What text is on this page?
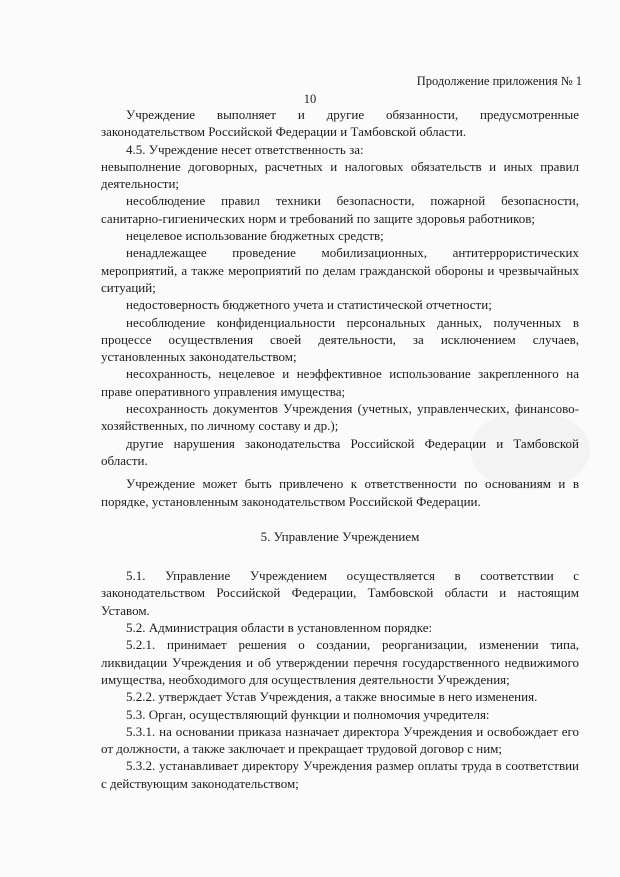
Продолжение приложения № 1
10

Учреждение выполняет и другие обязанности, предусмотренные законодательством Российской Федерации и Тамбовской области.

4.5. Учреждение несет ответственность за:

невыполнение договорных, расчетных и налоговых обязательств и иных правил деятельности;

несоблюдение правил техники безопасности, пожарной безопасности, санитарно-гигиенических норм и требований по защите здоровья работников;

нецелевое использование бюджетных средств;

ненадлежащее проведение мобилизационных, антитеррористических мероприятий, а также мероприятий по делам гражданской обороны и чрезвычайных ситуаций;

недостоверность бюджетного учета и статистической отчетности;

несоблюдение конфиденциальности персональных данных, полученных в процессе осуществления своей деятельности, за исключением случаев, установленных законодательством;

несохранность, нецелевое и неэффективное использование закрепленного на праве оперативного управления имущества;

несохранность документов Учреждения (учетных, управленческих, финансово-хозяйственных, по личному составу и др.);

другие нарушения законодательства Российской Федерации и Тамбовской области.

Учреждение может быть привлечено к ответственности по основаниям и в порядке, установленным законодательством Российской Федерации.

5. Управление Учреждением

5.1. Управление Учреждением осуществляется в соответствии с законодательством Российской Федерации, Тамбовской области и настоящим Уставом.

5.2. Администрация области в установленном порядке:

5.2.1. принимает решения о создании, реорганизации, изменении типа, ликвидации Учреждения и об утверждении перечня государственного недвижимого имущества, необходимого для осуществления деятельности Учреждения;

5.2.2. утверждает Устав Учреждения, а также вносимые в него изменения.

5.3. Орган, осуществляющий функции и полномочия учредителя:

5.3.1. на основании приказа назначает директора Учреждения и освобождает его от должности, а также заключает и прекращает трудовой договор с ним;

5.3.2. устанавливает директору Учреждения размер оплаты труда в соответствии с действующим законодательством;
